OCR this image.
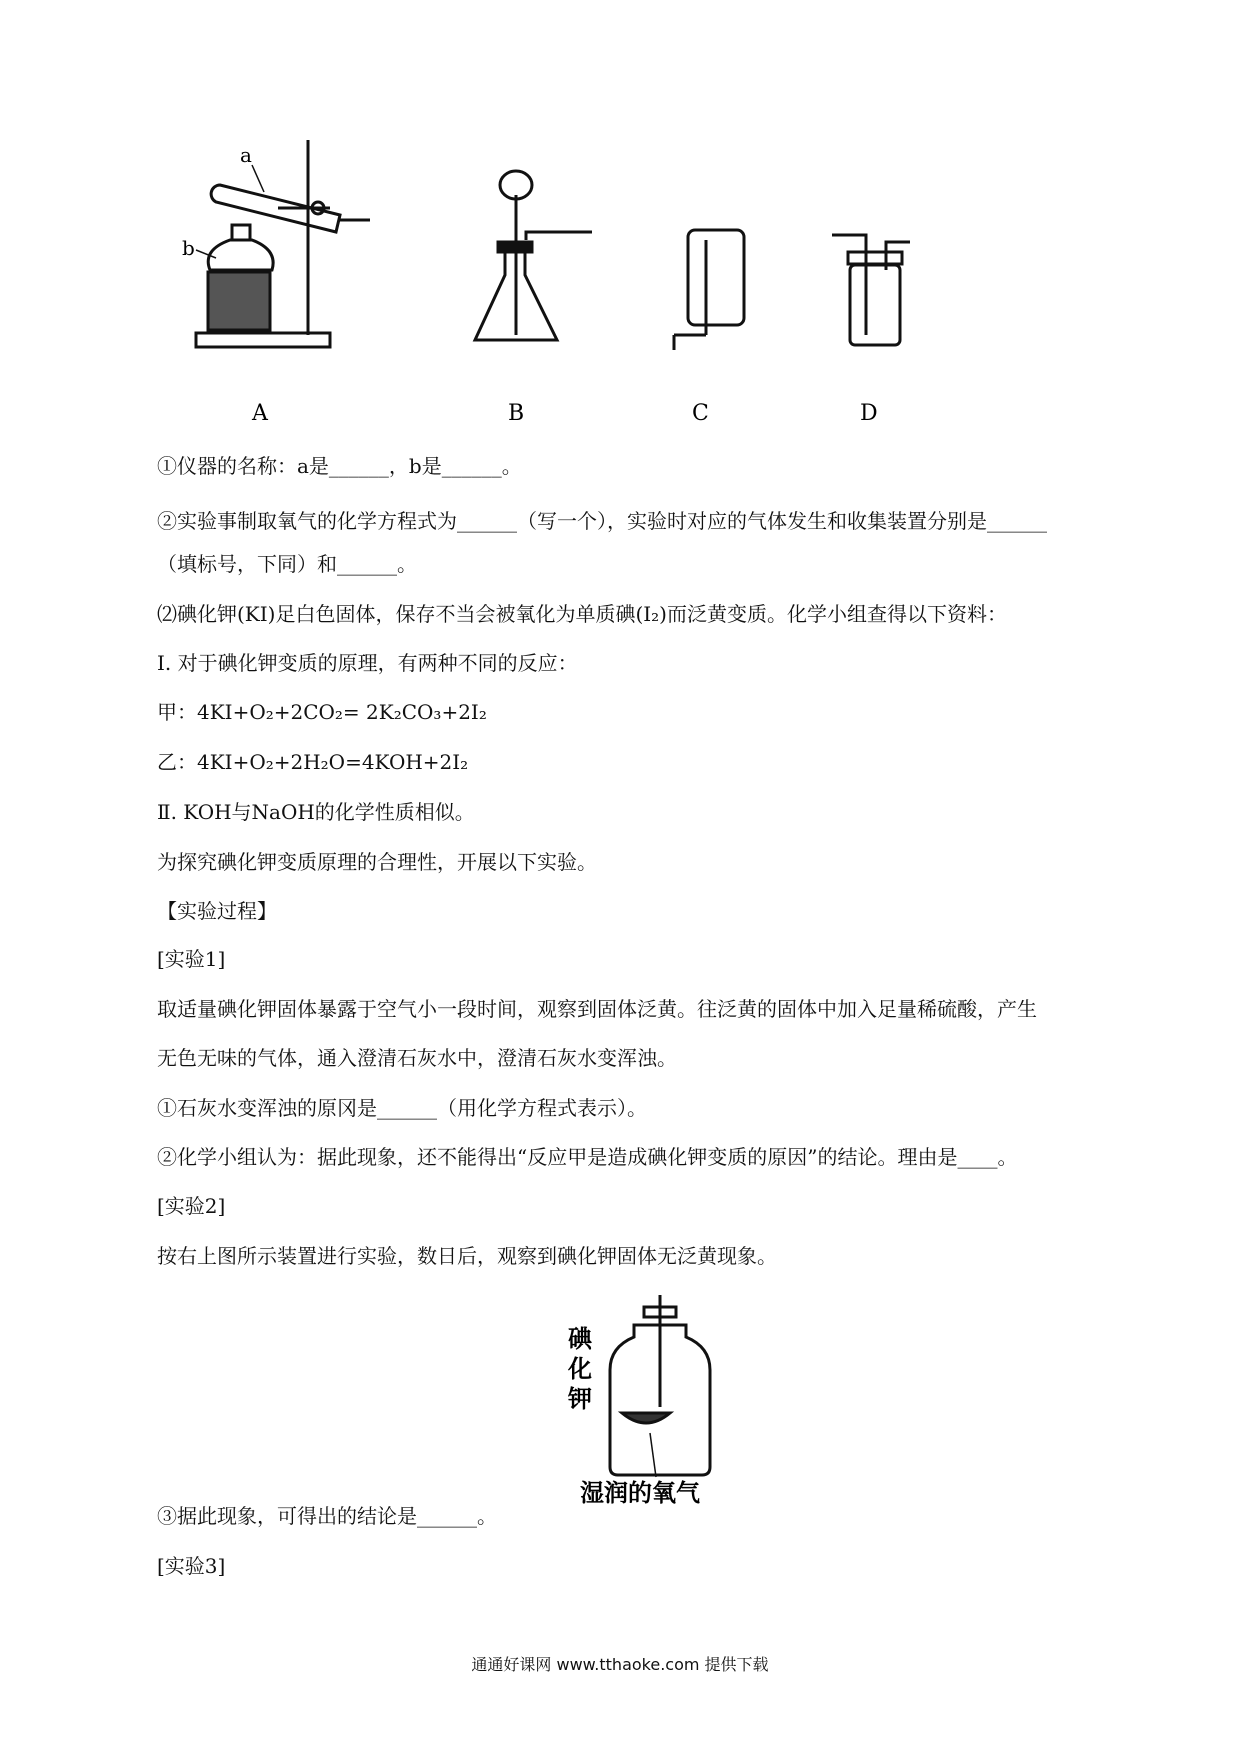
a
b
A	B	C	D
①仪器的名称：a是______，b是______。
②实验事制取氧气的化学方程式为______（写一个），实验时对应的气体发生和收集装置分别是______
（填标号，下同）和______。
⑵碘化钾(KI)足白色固体，保存不当会被氧化为单质碘(I₂)而泛黄变质。化学小组查得以下资料：
Ⅰ. 对于碘化钾变质的原理，有两种不同的反应：
甲：4KI+O₂+2CO₂= 2K₂CO₃+2I₂
乙：4KI+O₂+2H₂O=4KOH+2I₂
Ⅱ. KOH与NaOH的化学性质相似。
为探究碘化钾变质原理的合理性，开展以下实验。
【实验过程】
[实验1]
取适量碘化钾固体暴露于空气小一段时间，观察到固体泛黄。往泛黄的固体中加入足量稀硫酸，产生
无色无味的气体，通入澄清石灰水中，澄清石灰水变浑浊。
①石灰水变浑浊的原冈是______（用化学方程式表示）。
②化学小组认为：据此现象，还不能得出“反应甲是造成碘化钾变质的原因”的结论。理由是____。
[实验2]
按右上图所示装置进行实验，数日后，观察到碘化钾固体无泛黄现象。
碘
化
钾
湿润的氧气
③据此现象，可得出的结论是______。
[实验3]
通通好课网 www.tthaoke.com 提供下载
